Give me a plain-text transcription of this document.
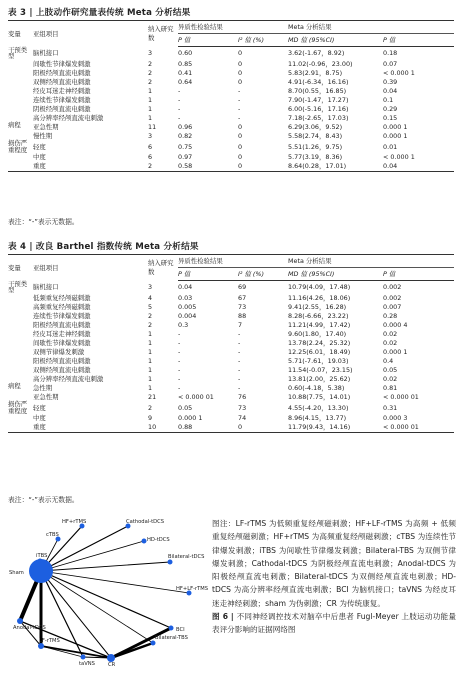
表 3 | 上肢动作研究量表传统 Meta 分析结果
变量	亚组项目	纳入研究数	异质性检验结果		Meta 分析结果	
			P 值	I² 值 (%)	MD 值 (95%CI)	P 值
干预类型	脑机接口	3	0.60	0	3.62(-1.67，8.92)	0.18
	间歇性节律爆发刺激	2	0.85	0	11.02(-0.96，23.00)	0.07
	阳极经颅直流电刺激	2	0.41	0	5.83(2.91，8.75)	< 0.000 1
	双侧经颅直流电刺激	2	0.64	0	4.91(-6.34，16.16)	0.39
	经皮耳迷走神经刺激	1	-	-	8.70(0.55，16.85)	0.04
	连续性节律爆发刺激	1	-	-	7.90(-1.47，17.27)	0.1
	阴极经颅直流电刺激	1	-	-	6.00(-5.16，17.16)	0.29
	高分辨率经颅直流电刺激	1	-	-	7.18(-2.65，17.03)	0.15
病程	亚急性期	11	0.96	0	6.29(3.06，9.52)	0.000 1
	慢性期	3	0.82	0	5.58(2.74，8.43)	0.000 1
损伤严重程度	轻度	6	0.75	0	5.51(1.26，9.75)	0.01
	中度	6	0.97	0	5.77(3.19，8.36)	< 0.000 1
	重度	2	0.58	0	8.64(0.28，17.01)	0.04
表注：“-”表示无数据。
表 4 | 改良 Barthel 指数传统 Meta 分析结果
变量	亚组项目	纳入研究数	异质性检验结果		Meta 分析结果	
			P 值	I² 值 (%)	MD 值 (95%CI)	P 值
干预类型	脑机接口	3	0.04	69	10.79(4.09，17.48)	0.002
	低频重复经颅磁刺激	4	0.03	67	11.16(4.26，18.06)	0.002
	高频重复经颅磁刺激	5	0.005	73	9.41(2.55，16.28)	0.007
	连续性节律爆发刺激	2	0.004	88	8.28(-6.66，23.22)	0.28
	阳极经颅直流电刺激	2	0.3	7	11.21(4.99，17.42)	0.000 4
	经皮耳迷走神经刺激	1	-	-	9.60(1.80，17.40)	0.02
	间歇性节律爆发刺激	1	-	-	13.78(2.24，25.32)	0.02
	双侧节律爆发刺激	1	-	-	12.25(6.01，18.49)	0.000 1
	阳极经颅直流电刺激	1	-	-	5.71(-7.61，19.03)	0.4
	双侧经颅直流电刺激	1	-	-	11.54(-0.07，23.15)	0.05
	高分辨率经颅直流电刺激	1	-	-	13.81(2.00，25.62)	0.02
病程	急性期	1	-	-	0.60(-4.18，5.38)	0.81
	亚急性期	21	< 0.000 01	76	10.88(7.75，14.01)	< 0.000 01
损伤严重程度	轻度	2	0.05	73	4.55(-4.20，13.30)	0.31
	中度	9	0.000 1	74	8.96(4.15，13.77)	0.000 3
	重度	10	0.88	0	11.79(9.43，14.16)	< 0.000 01
表注：“-”表示无数据。
HF+rTMS	Cathodal-tDCS
cTBS
HD-tDCS
iTBS	Bilateral-tDCS
Sham
HF+LF-rTMS
Anodal-tDCS	BCI
LF-rTMS	Bilateral-TBS
taVNS	CR
图注：LF-rTMS 为低频重复经颅磁刺激；HF+LF-rTMS 为高频 + 低频重复经颅磁刺激；HF+rTMS 为高频重复经颅磁刺激；cTBS 为连续性节律爆发刺激；iTBS 为间歇性节律爆发刺激；Bilateral-TBS 为双侧节律爆发刺激；Cathodal-tDCS 为阴极经颅直流电刺激；Anodal-tDCS 为阳极经颅直流电刺激；Bilateral-tDCS 为双侧经颅直流电刺激；HD-tDCS 为高分辨率经颅直流电刺激；BCI 为脑机接口；taVNS 为经皮耳迷走神经刺激；sham 为伪刺激；CR 为传统康复。
图 6 | 不同神经调控技术对脑卒中后患者 Fugl-Meyer 上肢运动功能量表评分影响的证据网络图
